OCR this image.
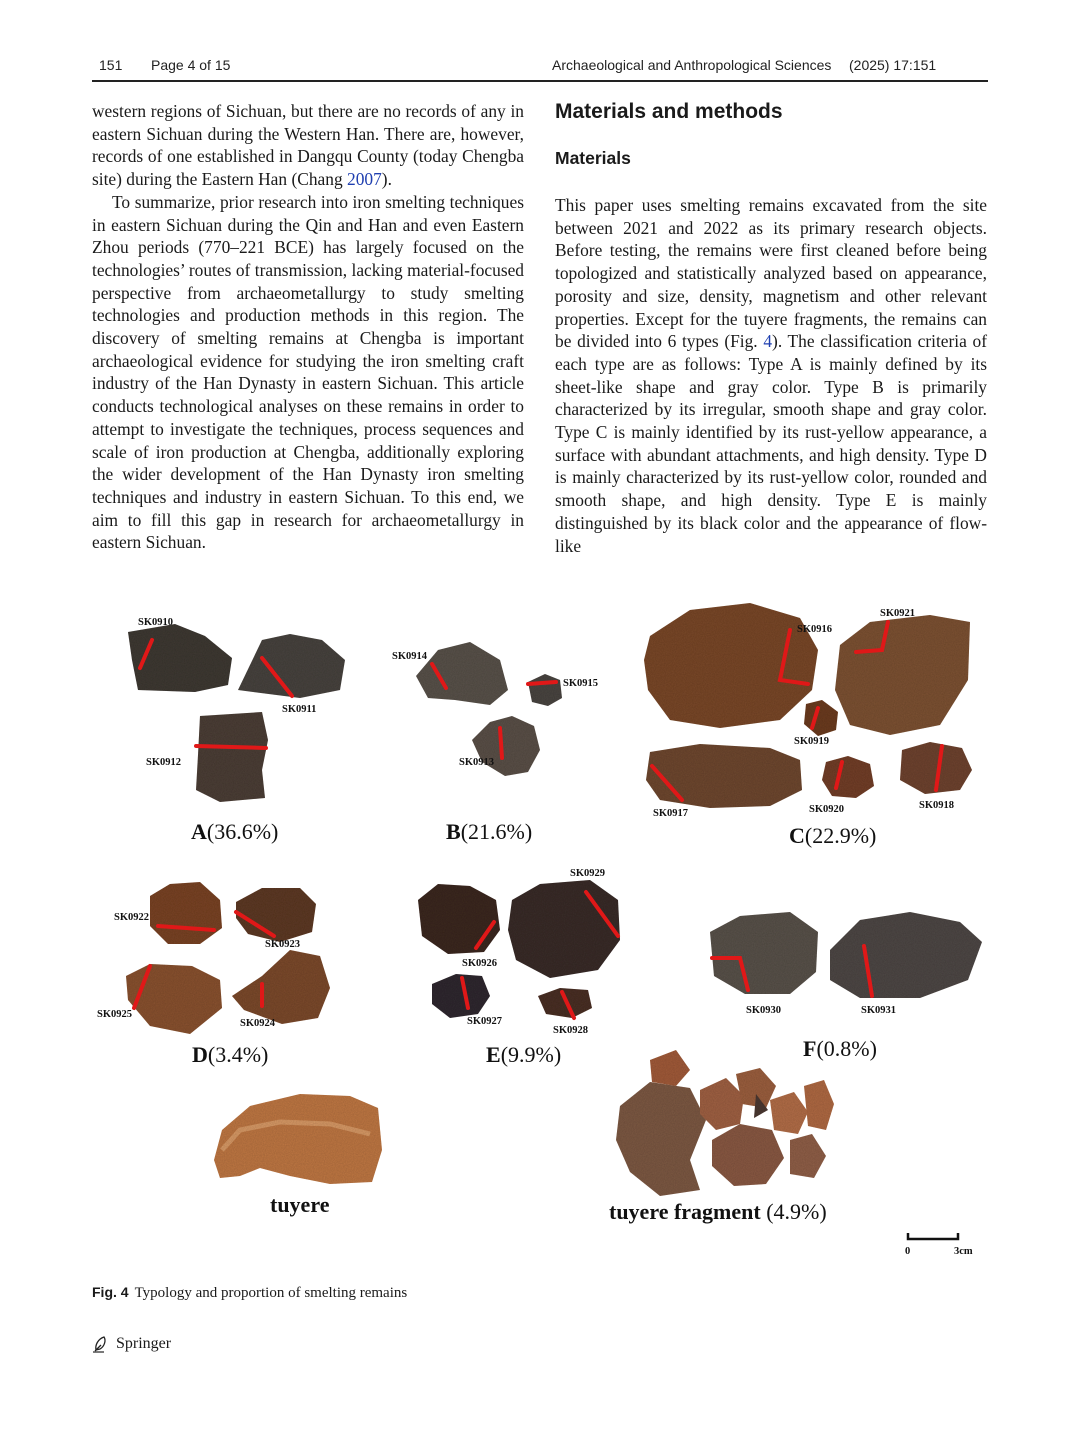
151 Page 4 of 15	Archaeological and Anthropological Sciences (2025) 17:151

western regions of Sichuan, but there are no records of any in eastern Sichuan during the Western Han. There are, however, records of one established in Dangqu County (today Chengba site) during the Eastern Han (Chang 2007).

To summarize, prior research into iron smelting techniques in eastern Sichuan during the Qin and Han and even Eastern Zhou periods (770–221 BCE) has largely focused on the technologies’ routes of transmission, lacking material-focused perspective from archaeometallurgy to study smelting technologies and production methods in this region. The discovery of smelting remains at Chengba is important archaeological evidence for studying the iron smelting craft industry of the Han Dynasty in eastern Sichuan. This article conducts technological analyses on these remains in order to attempt to investigate the techniques, process sequences and scale of iron production at Chengba, additionally exploring the wider development of the Han Dynasty iron smelting techniques and industry in eastern Sichuan. To this end, we aim to fill this gap in research for archaeometallurgy in eastern Sichuan.

Materials and methods
Materials

This paper uses smelting remains excavated from the site between 2021 and 2022 as its primary research objects. Before testing, the remains were first cleaned before being topologized and statistically analyzed based on appearance, porosity and size, density, magnetism and other relevant properties. Except for the tuyere fragments, the remains can be divided into 6 types (Fig. 4). The classification criteria of each type are as follows: Type A is mainly defined by its sheet-like shape and gray color. Type B is primarily characterized by its irregular, smooth shape and gray color. Type C is mainly identified by its rust-yellow appearance, a surface with abundant attachments, and high density. Type D is mainly characterized by its rust-yellow color, rounded and smooth shape, and high density. Type E is mainly distinguished by its black color and the appearance of flow-like

SK0910
SK0911
SK0912	SK0913
SK0914
SK0915
SK0916
SK0917
SK0918
SK0919
SK0920
SK0921
SK0922
SK0923
SK0924
SK0925
SK0926
SK0927
SK0928
SK0929
SK0930	SK0931
0	3cm
A(36.6%)	B(21.6%)	C(22.9%)
D(3.4%)	E(9.9%)	F(0.8%)
tuyere	tuyere fragment (4.9%)
Fig. 4 Typology and proportion of smelting remains
Springer
